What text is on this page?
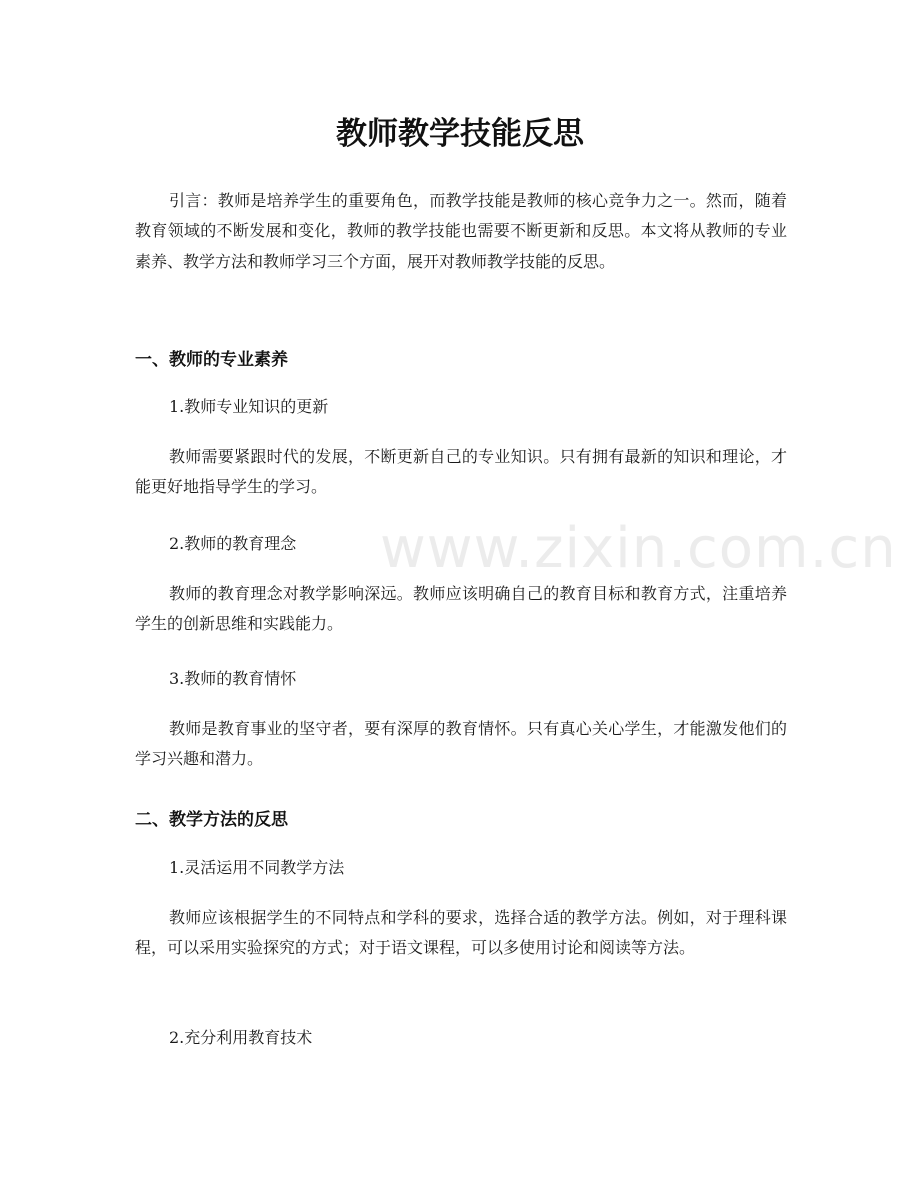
www.zixin.com.cn
教师教学技能反思

引言：教师是培养学生的重要角色，而教学技能是教师的核心竞争力之一。然而，随着教育领域的不断发展和变化，教师的教学技能也需要不断更新和反思。本文将从教师的专业素养、教学方法和教师学习三个方面，展开对教师教学技能的反思。

一、教师的专业素养

1.教师专业知识的更新

教师需要紧跟时代的发展，不断更新自己的专业知识。只有拥有最新的知识和理论，才能更好地指导学生的学习。

2.教师的教育理念

教师的教育理念对教学影响深远。教师应该明确自己的教育目标和教育方式，注重培养学生的创新思维和实践能力。

3.教师的教育情怀

教师是教育事业的坚守者，要有深厚的教育情怀。只有真心关心学生，才能激发他们的学习兴趣和潜力。

二、教学方法的反思

1.灵活运用不同教学方法

教师应该根据学生的不同特点和学科的要求，选择合适的教学方法。例如，对于理科课程，可以采用实验探究的方式；对于语文课程，可以多使用讨论和阅读等方法。

2.充分利用教育技术
